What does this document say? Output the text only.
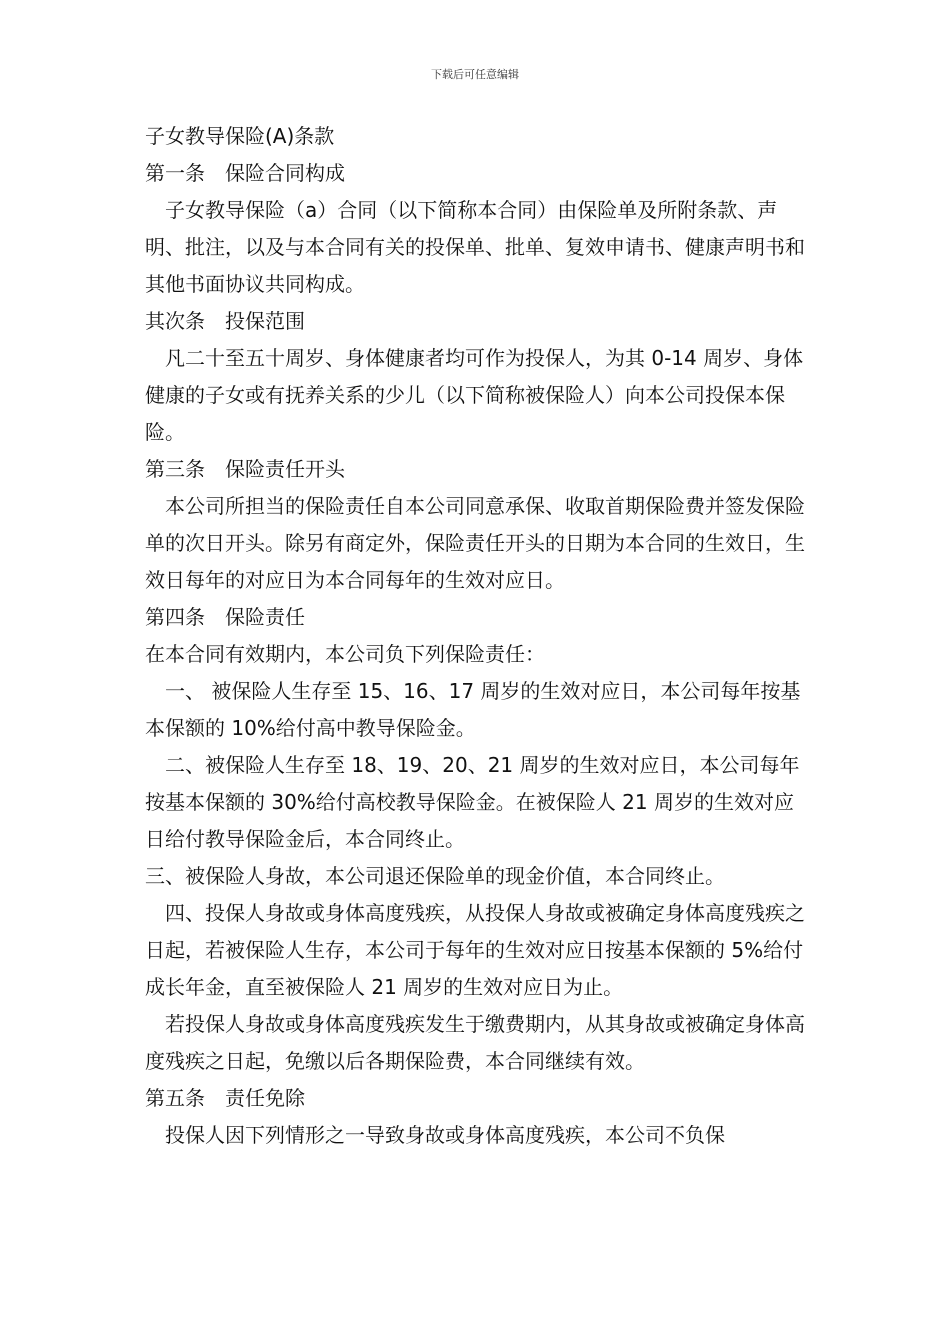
下载后可任意编辑

子女教导保险(A)条款

第一条　保险合同构成

子女教导保险（a）合同（以下简称本合同）由保险单及所附条款、声明、批注，以及与本合同有关的投保单、批单、复效申请书、健康声明书和其他书面协议共同构成。

其次条　投保范围

凡二十至五十周岁、身体健康者均可作为投保人，为其 0-14 周岁、身体健康的子女或有抚养关系的少儿（以下简称被保险人）向本公司投保本保险。

第三条　保险责任开头

本公司所担当的保险责任自本公司同意承保、收取首期保险费并签发保险单的次日开头。除另有商定外，保险责任开头的日期为本合同的生效日，生效日每年的对应日为本合同每年的生效对应日。

第四条　保险责任

在本合同有效期内，本公司负下列保险责任：

一、 被保险人生存至 15、16、17 周岁的生效对应日，本公司每年按基本保额的 10%给付高中教导保险金。

二、被保险人生存至 18、19、20、21 周岁的生效对应日，本公司每年按基本保额的 30%给付高校教导保险金。在被保险人 21 周岁的生效对应日给付教导保险金后，本合同终止。

三、被保险人身故，本公司退还保险单的现金价值，本合同终止。

四、投保人身故或身体高度残疾，从投保人身故或被确定身体高度残疾之日起，若被保险人生存，本公司于每年的生效对应日按基本保额的 5%给付成长年金，直至被保险人 21 周岁的生效对应日为止。

若投保人身故或身体高度残疾发生于缴费期内，从其身故或被确定身体高度残疾之日起，免缴以后各期保险费，本合同继续有效。

第五条　责任免除

投保人因下列情形之一导致身故或身体高度残疾，本公司不负保
